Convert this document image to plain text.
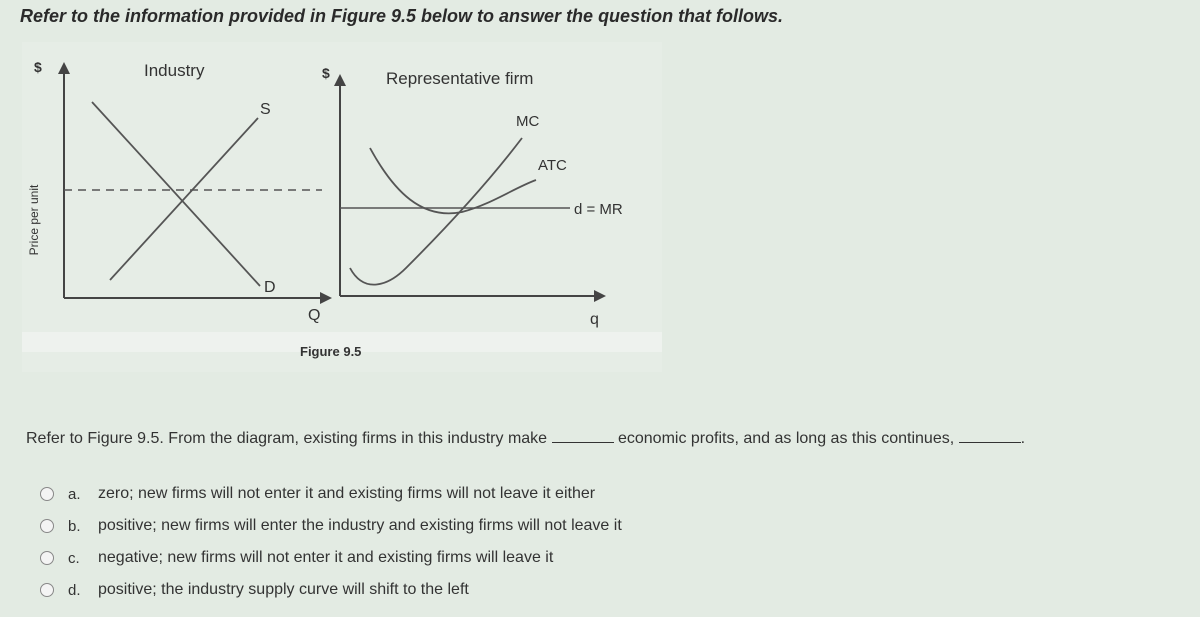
Refer to the information provided in Figure 9.5 below to answer the question that follows.
Price per unit
$	Industry
Q
S
D
$	Representative firm
q
d = MR
ATC
MC
Figure 9.5
Refer to Figure 9.5. From the diagram, existing firms in this industry make	economic profits, and as long as this continues,	.
a.	zero; new firms will not enter it and existing firms will not leave it either
b.	positive; new firms will enter the industry and existing firms will not leave it
c.	negative; new firms will not enter it and existing firms will leave it
d.	positive; the industry supply curve will shift to the left
